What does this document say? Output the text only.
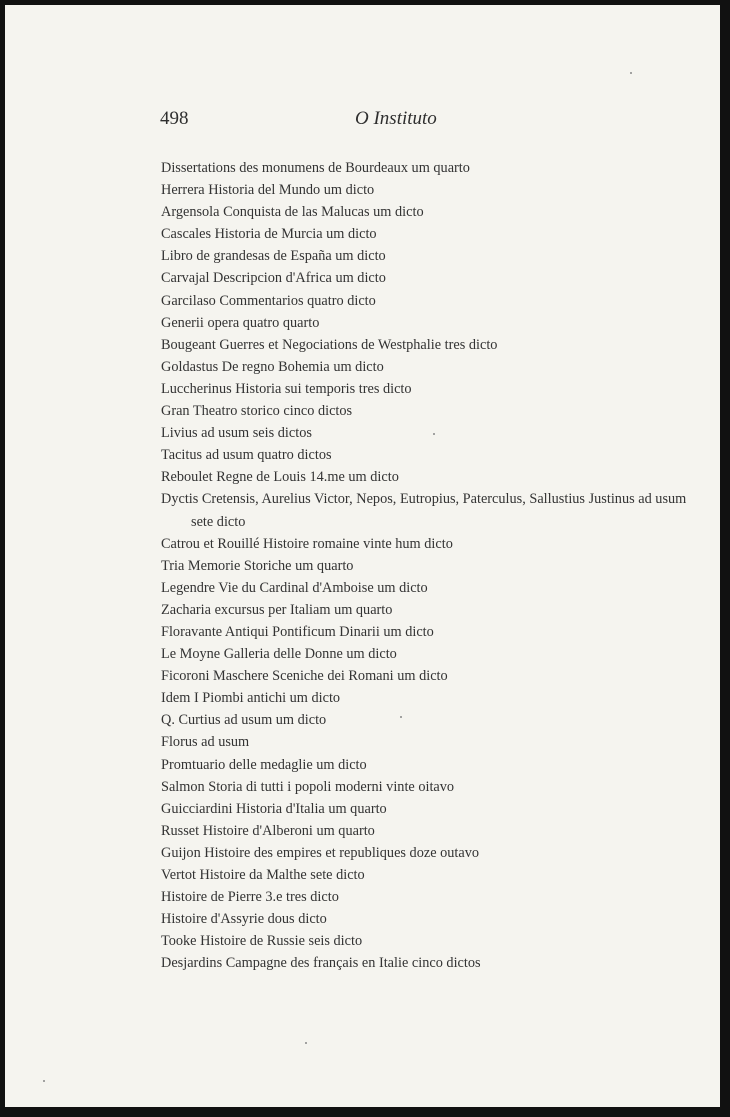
498	O Instituto
Dissertations des monumens de Bourdeaux um quarto
Herrera Historia del Mundo um dicto
Argensola Conquista de las Malucas um dicto
Cascales Historia de Murcia um dicto
Libro de grandesas de España um dicto
Carvajal Descripcion d'Africa um dicto
Garcilaso Commentarios quatro dicto
Generii opera quatro quarto
Bougeant Guerres et Negociations de Westphalie tres dicto
Goldastus De regno Bohemia um dicto
Luccherinus Historia sui temporis tres dicto
Gran Theatro storico cinco dictos
Livius ad usum seis dictos
Tacitus ad usum quatro dictos
Reboulet Regne de Louis 14.me um dicto
Dyctis Cretensis, Aurelius Victor, Nepos, Eutropius, Paterculus, Sallustius Justinus ad usum sete dicto
Catrou et Rouillé Histoire romaine vinte hum dicto
Tria Memorie Storiche um quarto
Legendre Vie du Cardinal d'Amboise um dicto
Zacharia excursus per Italiam um quarto
Floravante Antiqui Pontificum Dinarii um dicto
Le Moyne Galleria delle Donne um dicto
Ficoroni Maschere Sceniche dei Romani um dicto
Idem I Piombi antichi um dicto
Q. Curtius ad usum um dicto
Florus ad usum
Promtuario delle medaglie um dicto
Salmon Storia di tutti i popoli moderni vinte oitavo
Guicciardini Historia d'Italia um quarto
Russet Histoire d'Alberoni um quarto
Guijon Histoire des empires et republiques doze outavo
Vertot Histoire da Malthe sete dicto
Histoire de Pierre 3.e tres dicto
Histoire d'Assyrie dous dicto
Tooke Histoire de Russie seis dicto
Desjardins Campagne des français en Italie cinco dictos
